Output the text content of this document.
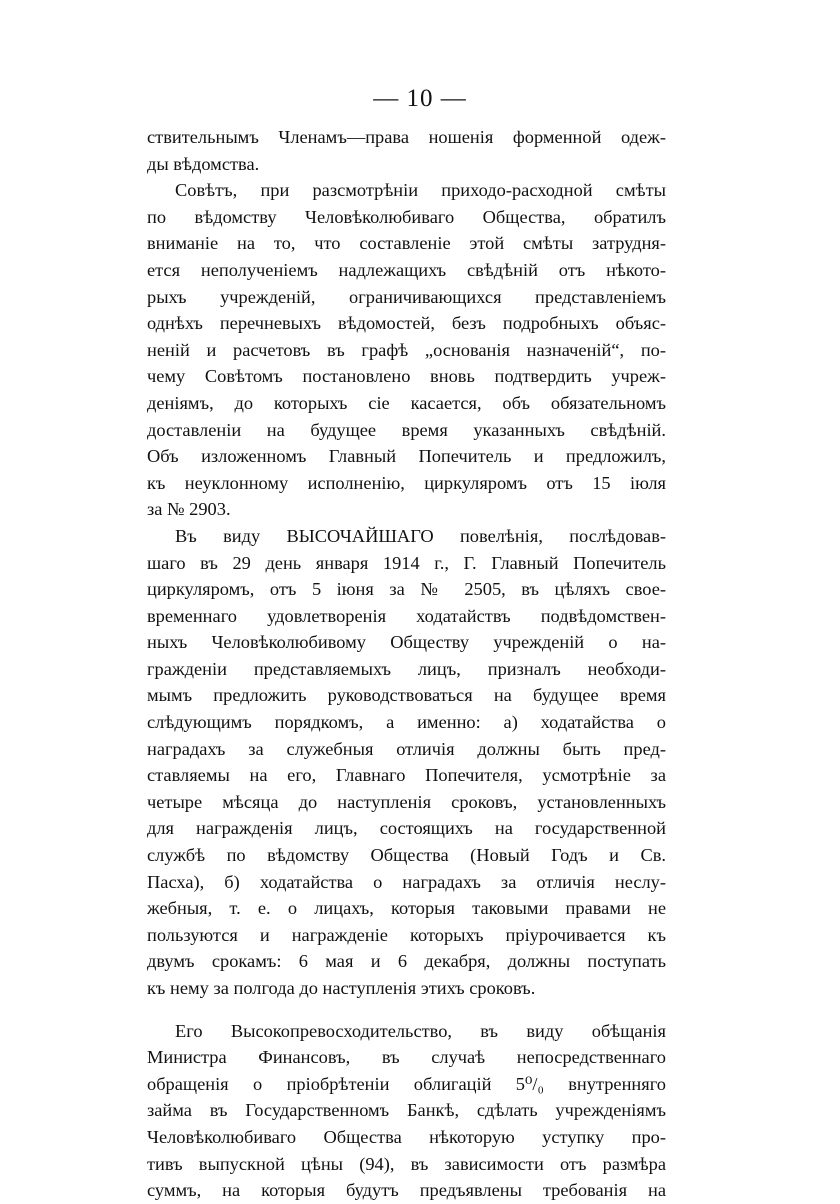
— 10 —
ствительнымъ Членамъ—права ношенія форменной одеж-
ды вѣдомства.
Совѣтъ, при разсмотрѣніи приходо-расходной смѣты
по вѣдомству Человѣколюбиваго Общества, обратилъ
вниманіе на то, что составленіе этой смѣты затрудня-
ется неполученіемъ надлежащихъ свѣдѣній отъ нѣкото-
рыхъ учрежденій, ограничивающихся представленіемъ
однѣхъ перечневыхъ вѣдомостей, безъ подробныхъ объяс-
неній и расчетовъ въ графѣ „основанія назначеній“, по-
чему Совѣтомъ постановлено вновь подтвердить учреж-
деніямъ, до которыхъ сіе касается, объ обязательномъ
доставленіи на будущее время указанныхъ свѣдѣній.
Объ изложенномъ Главный Попечитель и предложилъ,
къ неуклонному исполненію, циркуляромъ отъ 15 іюля
за № 2903.
Въ виду ВЫСОЧАЙШАГО повелѣнія, послѣдовав-
шаго въ 29 день января 1914 г., Г. Главный Попечитель
циркуляромъ, отъ 5 іюня за № 2505, въ цѣляхъ свое-
временнаго удовлетворенія ходатайствъ подвѣдомствен-
ныхъ Человѣколюбивому Обществу учрежденій о на-
гражденіи представляемыхъ лицъ, призналъ необходи-
мымъ предложить руководствоваться на будущее время
слѣдующимъ порядкомъ, а именно: а) ходатайства о
наградахъ за служебныя отличія должны быть пред-
ставляемы на его, Главнаго Попечителя, усмотрѣніе за
четыре мѣсяца до наступленія сроковъ, установленныхъ
для награжденія лицъ, состоящихъ на государственной
службѣ по вѣдомству Общества (Новый Годъ и Св.
Пасха), б) ходатайства о наградахъ за отличія неслу-
жебныя, т. е. о лицахъ, которыя таковыми правами не
пользуются и награжденіе которыхъ пріурочивается къ
двумъ срокамъ: 6 мая и 6 декабря, должны поступать
къ нему за полгода до наступленія этихъ сроковъ.
Его Высокопревосходительство, въ виду обѣщанія
Министра Финансовъ, въ случаѣ непосредственнаго
обращенія о пріобрѣтеніи облигацій 5⁰/₀ внутренняго
займа въ Государственномъ Банкѣ, сдѣлать учрежденіямъ
Человѣколюбиваго Общества нѣкоторую уступку про-
тивъ выпускной цѣны (94), въ зависимости отъ размѣра
суммъ, на которыя будутъ предъявлены требованія на
